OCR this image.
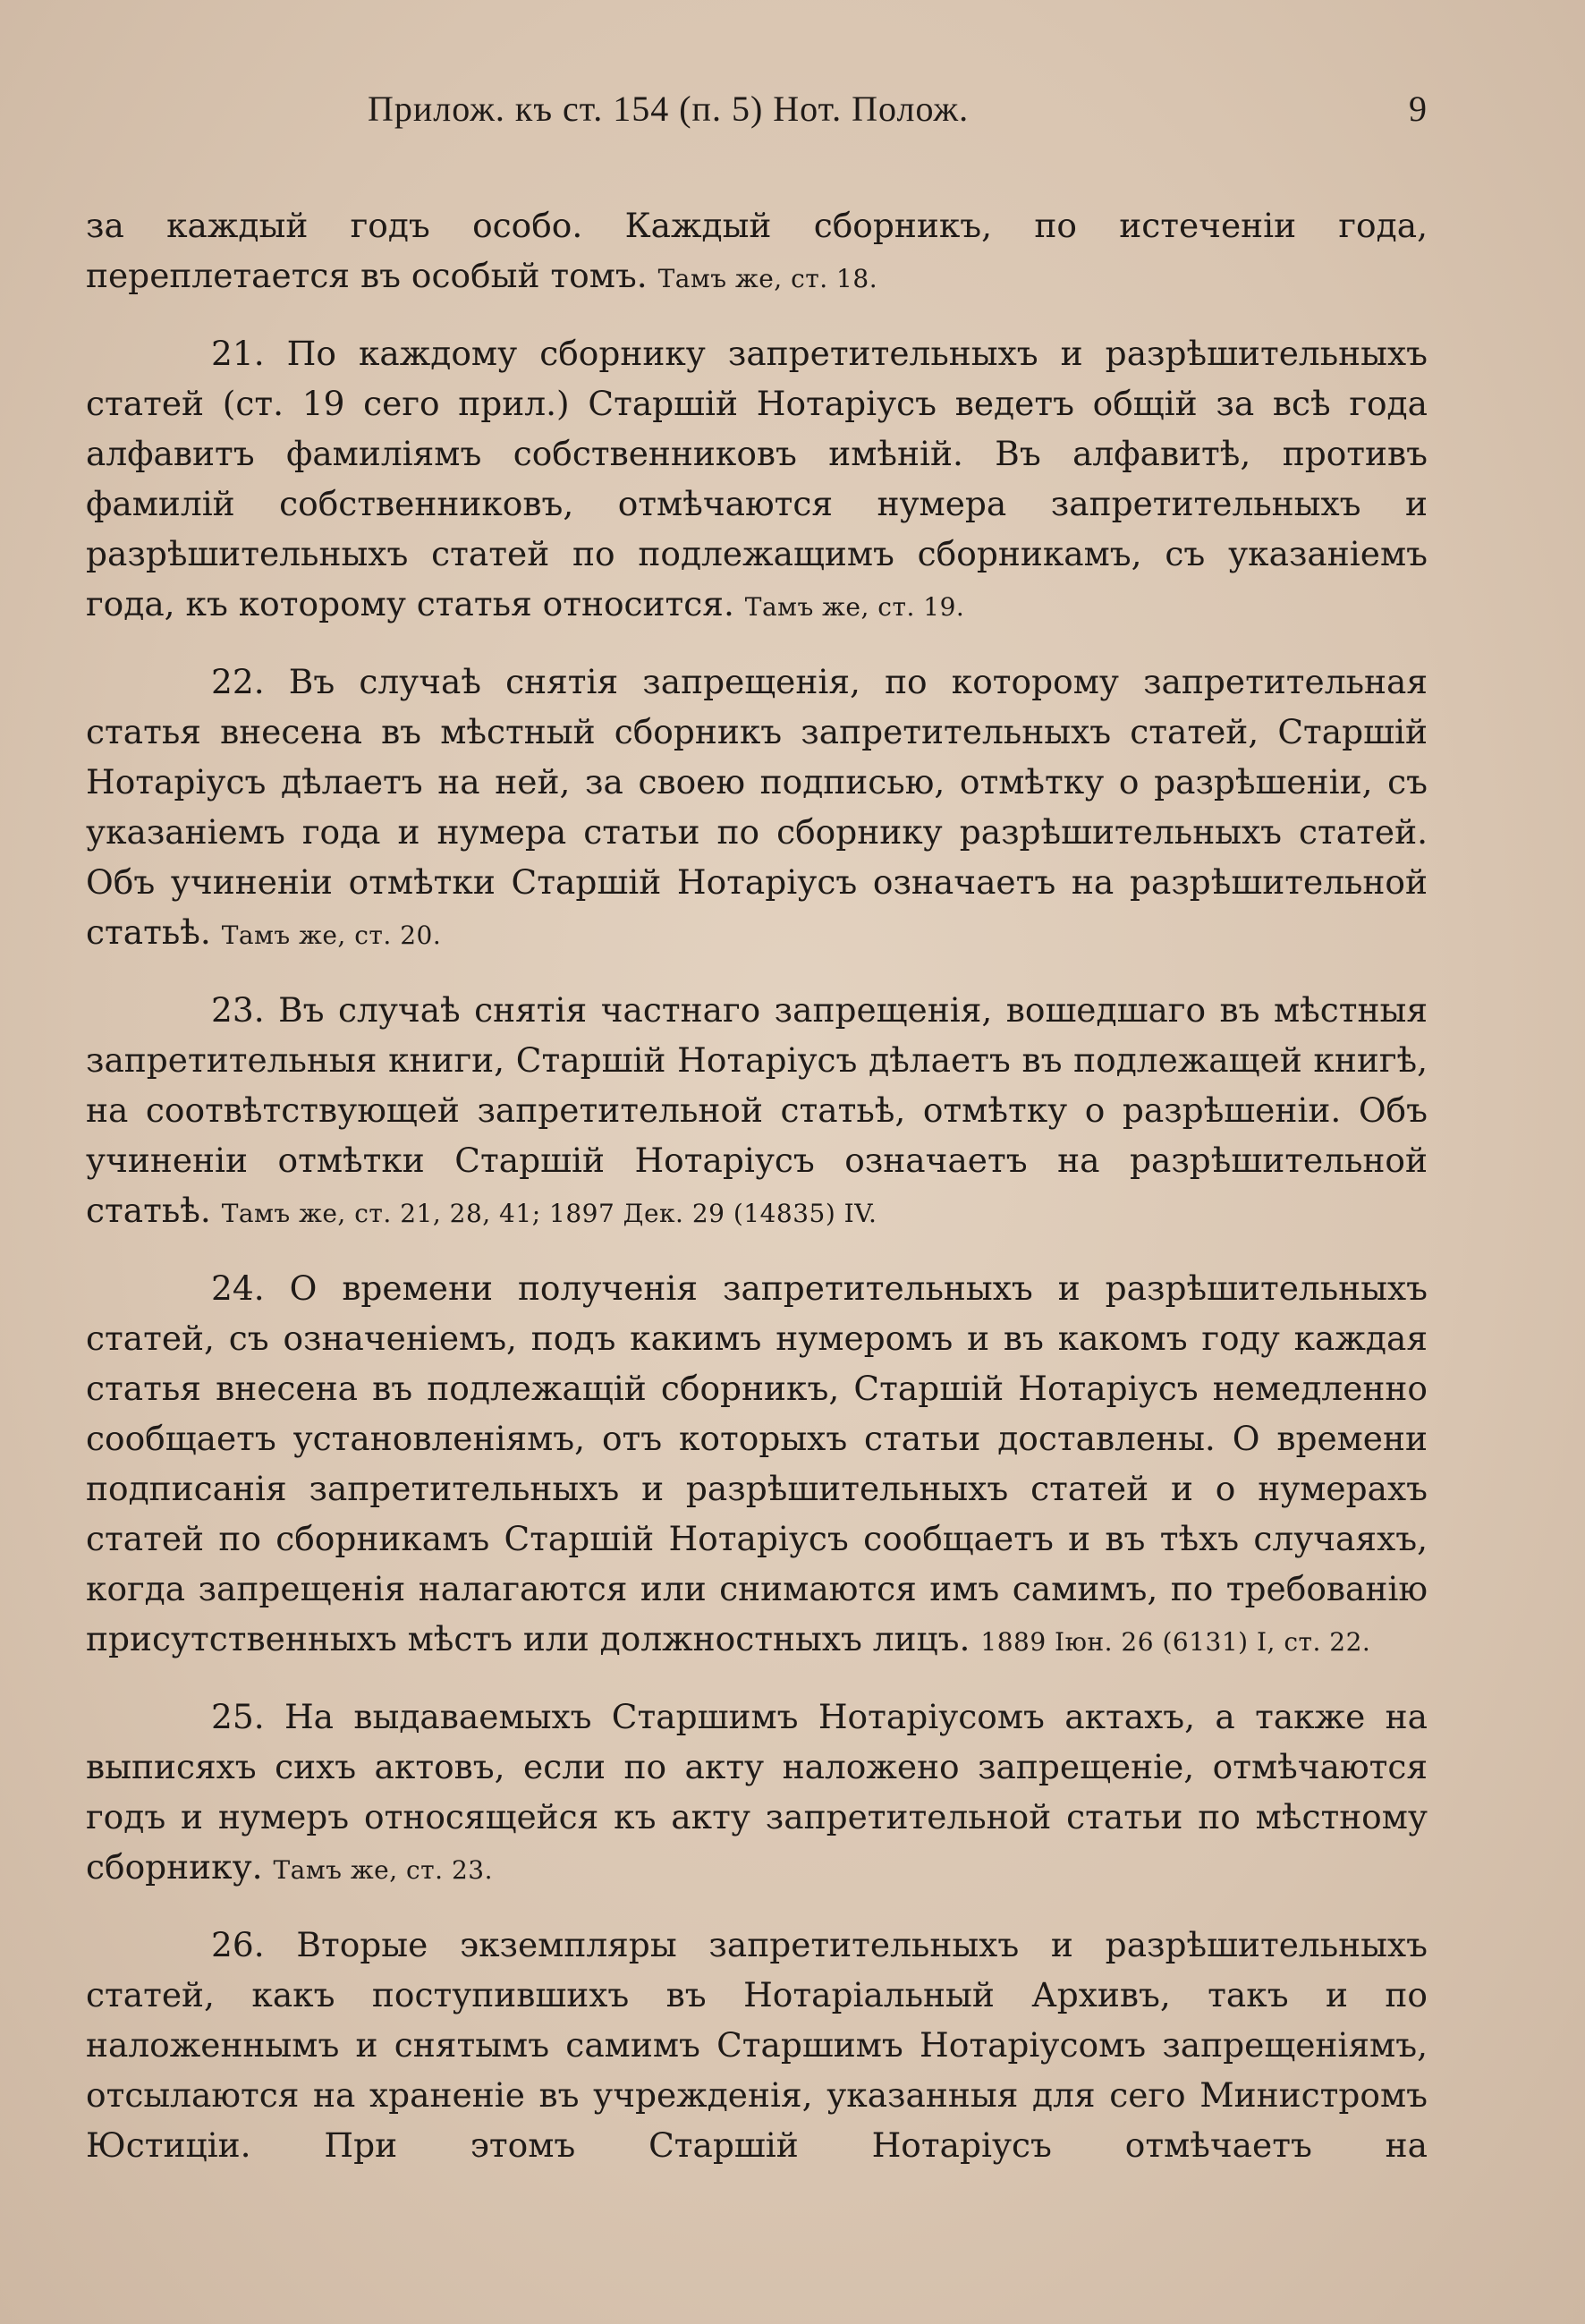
Прилож. къ ст. 154 (п. 5) Нот. Полож.	9

за каждый годъ особо. Каждый сборникъ, по истеченіи года, переплетается въ особый томъ. Тамъ же, ст. 18.

21. По каждому сборнику запретительныхъ и разрѣшительныхъ статей (ст. 19 сего прил.) Старшій Нотаріусъ ведетъ общій за всѣ года алфавитъ фамиліямъ собственниковъ имѣній. Въ алфавитѣ, противъ фамилій собственниковъ, отмѣчаются нумера запретительныхъ и разрѣшительныхъ статей по подлежащимъ сборникамъ, съ указаніемъ года, къ которому статья относится. Тамъ же, ст. 19.

22. Въ случаѣ снятія запрещенія, по которому запретительная статья внесена въ мѣстный сборникъ запретительныхъ статей, Старшій Нотаріусъ дѣлаетъ на ней, за своею подписью, отмѣтку о разрѣшеніи, съ указаніемъ года и нумера статьи по сборнику разрѣшительныхъ статей. Объ учиненіи отмѣтки Старшій Нотаріусъ означаетъ на разрѣшительной статьѣ. Тамъ же, ст. 20.

23. Въ случаѣ снятія частнаго запрещенія, вошедшаго въ мѣстныя запретительныя книги, Старшій Нотаріусъ дѣлаетъ въ подлежащей книгѣ, на соотвѣтствующей запретительной статьѣ, отмѣтку о разрѣшеніи. Объ учиненіи отмѣтки Старшій Нотаріусъ означаетъ на разрѣшительной статьѣ. Тамъ же, ст. 21, 28, 41; 1897 Дек. 29 (14835) IV.

24. О времени полученія запретительныхъ и разрѣшительныхъ статей, съ означеніемъ, подъ какимъ нумеромъ и въ какомъ году каждая статья внесена въ подлежащій сборникъ, Старшій Нотаріусъ немедленно сообщаетъ установленіямъ, отъ которыхъ статьи доставлены. О времени подписанія запретительныхъ и разрѣшительныхъ статей и о нумерахъ статей по сборникамъ Старшій Нотаріусъ сообщаетъ и въ тѣхъ случаяхъ, когда запрещенія налагаются или снимаются имъ самимъ, по требованію присутственныхъ мѣстъ или должностныхъ лицъ. 1889 Іюн. 26 (6131) I, ст. 22.

25. На выдаваемыхъ Старшимъ Нотаріусомъ актахъ, а также на выписяхъ сихъ актовъ, если по акту наложено запрещеніе, отмѣчаются годъ и нумеръ относящейся къ акту запретительной статьи по мѣстному сборнику. Тамъ же, ст. 23.

26. Вторые экземпляры запретительныхъ и разрѣшительныхъ статей, какъ поступившихъ въ Нотаріальный Архивъ, такъ и по наложеннымъ и снятымъ самимъ Старшимъ Нотаріусомъ запрещеніямъ, отсылаются на храненіе въ учрежденія, указанныя для сего Министромъ Юстиціи. При этомъ Старшій Нотаріусъ отмѣчаетъ на
